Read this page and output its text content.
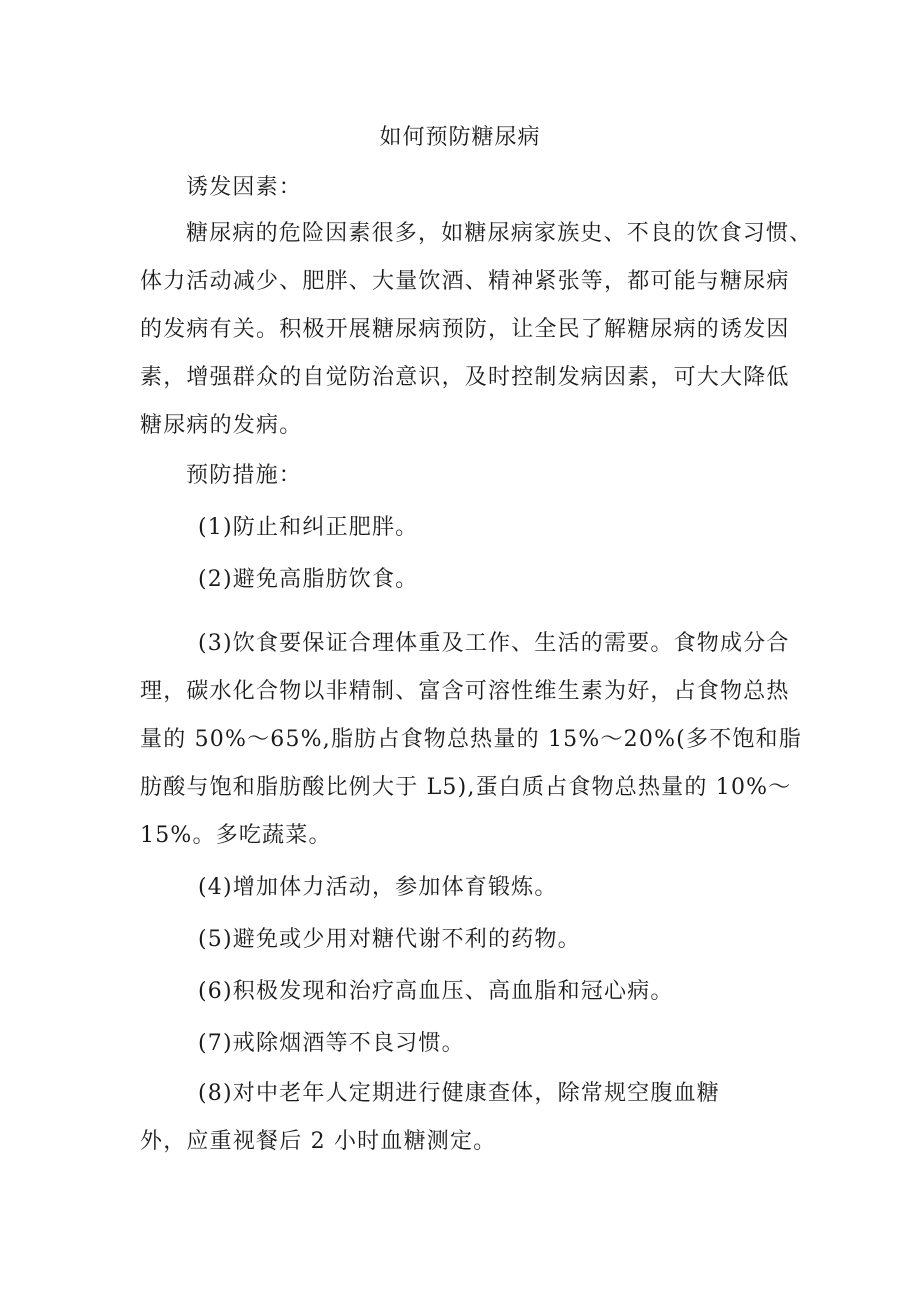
如何预防糖尿病
诱发因素：
糖尿病的危险因素很多，如糖尿病家族史、不良的饮食习惯、
体力活动减少、肥胖、大量饮酒、精神紧张等，都可能与糖尿病
的发病有关。积极开展糖尿病预防，让全民了解糖尿病的诱发因
素，增强群众的自觉防治意识，及时控制发病因素，可大大降低
糖尿病的发病。
预防措施：
(1)防止和纠正肥胖。
(2)避免高脂肪饮食。
(3)饮食要保证合理体重及工作、生活的需要。食物成分合
理，碳水化合物以非精制、富含可溶性维生素为好，占食物总热
量的 50%～65%,脂肪占食物总热量的 15%～20%(多不饱和脂
肪酸与饱和脂肪酸比例大于 L5),蛋白质占食物总热量的 10%～
15%。多吃蔬菜。
(4)增加体力活动，参加体育锻炼。
(5)避免或少用对糖代谢不利的药物。
(6)积极发现和治疗高血压、高血脂和冠心病。
(7)戒除烟酒等不良习惯。
(8)对中老年人定期进行健康查体，除常规空腹血糖
外，应重视餐后 2 小时血糖测定。
